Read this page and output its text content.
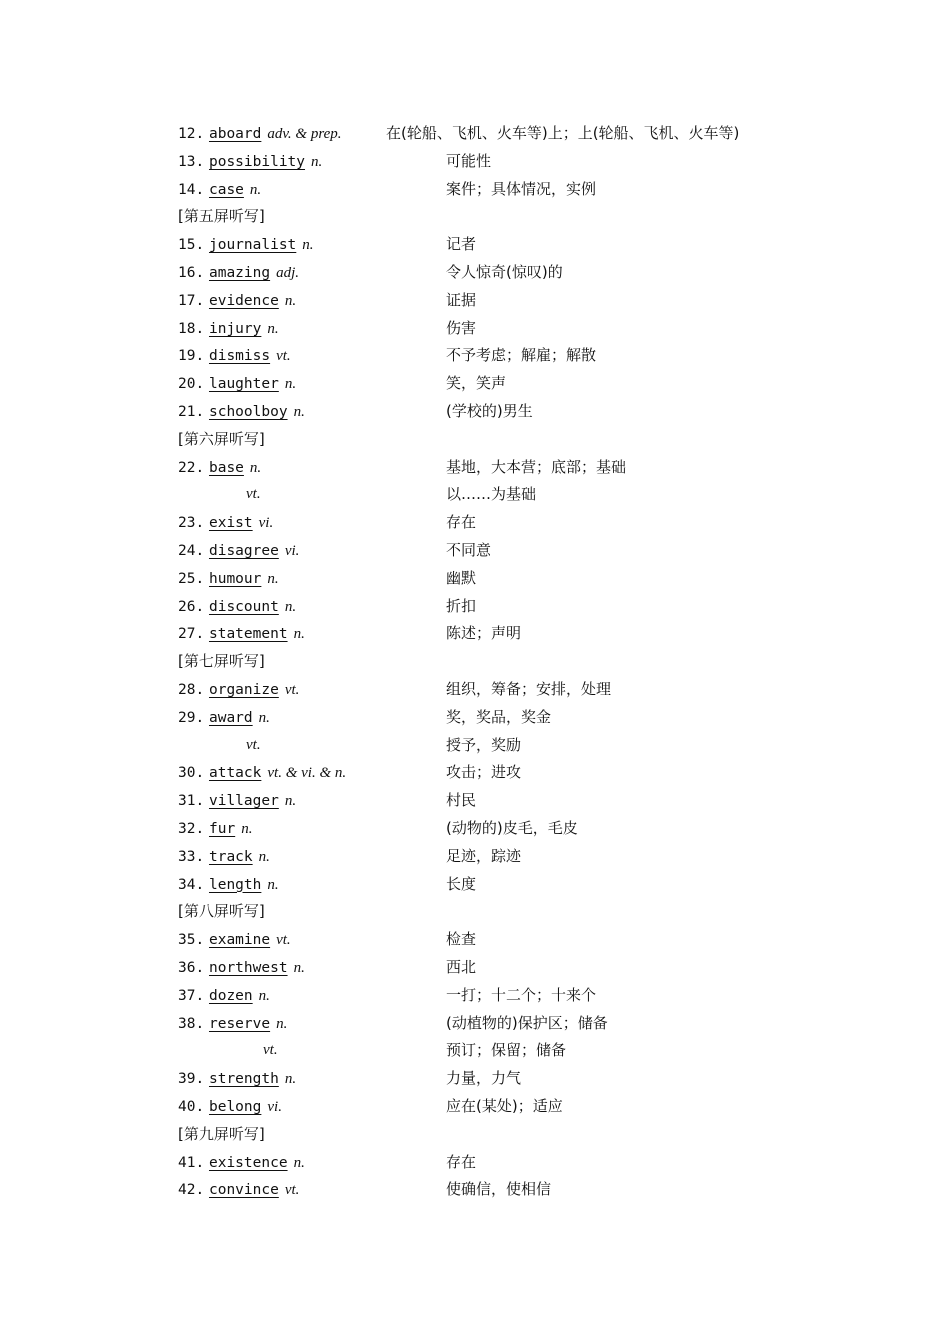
12. aboard adv. & prep.	在(轮船、飞机、火车等)上；上(轮船、飞机、火车等)
13. possibility n.	可能性
14. case n.	案件；具体情况，实例
[第五屏听写]
15. journalist n.	记者
16. amazing adj.	令人惊奇(惊叹)的
17. evidence n.	证据
18. injury n.	伤害
19. dismiss vt.	不予考虑；解雇；解散
20. laughter n.	笑，笑声
21. schoolboy n.	(学校的)男生
[第六屏听写]
22. base n.	基地，大本营；底部；基础
vt.	以……为基础
23. exist vi.	存在
24. disagree vi.	不同意
25. humour n.	幽默
26. discount n.	折扣
27. statement n.	陈述；声明
[第七屏听写]
28. organize vt.	组织，筹备；安排，处理
29. award n.	奖，奖品，奖金
vt.	授予，奖励
30. attack vt. & vi. & n.	攻击；进攻
31. villager n.	村民
32. fur n.	(动物的)皮毛，毛皮
33. track n.	足迹，踪迹
34. length n.	长度
[第八屏听写]
35. examine vt.	检查
36. northwest n.	西北
37. dozen n.	一打；十二个；十来个
38. reserve n.	(动植物的)保护区；储备
vt.	预订；保留；储备
39. strength n.	力量，力气
40. belong vi.	应在(某处)；适应
[第九屏听写]
41. existence n.	存在
42. convince vt.	使确信，使相信
